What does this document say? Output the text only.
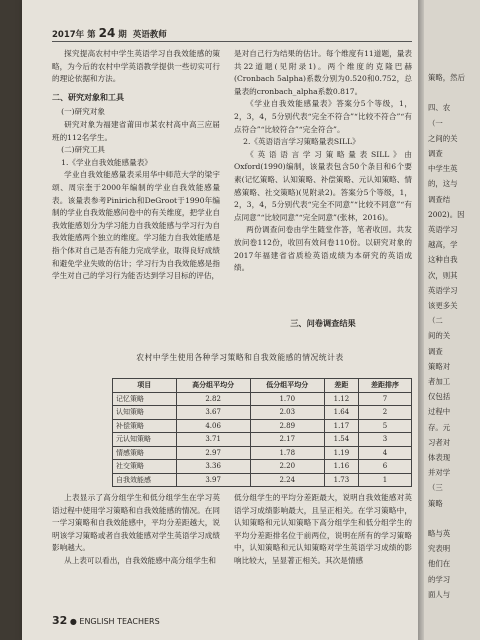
2017年 第 24 期 英语教师

探究提高农村中学生英语学习自我效能感的策略，为今后的农村中学英语教学提供一些切实可行的理论依据和方法。

二、研究对象和工具

(一)研究对象

研究对象为福建省莆田市某农村高中高三应届班的112名学生。

(二)研究工具

1.《学业自我效能感量表》

学业自我效能感量表采用华中师范大学的梁宇颂、周宗奎于2000年编制的学业自我效能感量表。该量表参考Pinirich和DeGroot于1990年编制的学业自我效能感问卷中的有关维度，把学业自我效能感划分为学习能力自我效能感与学习行为自我效能感两个独立的维度。学习能力自我效能感是指个体对自己是否有能力完成学业，取得良好成绩和避免学业失败的估计；学习行为自我效能感是指学生对自己的学习行为能否达到学习目标的评估，

是对自己行为结果的估计。每个维度有11道题，量表共22道题(见附录1)。两个维度的克隆巴赫(Cronbach 5alpha)系数分别为0.520和0.752，总量表的cronbach_alpha系数0.817。

《学业自我效能感量表》答案分5个等级，1，2，3，4，5分别代表“完全不符合”“比较不符合”“有点符合”“比较符合”“完全符合”。

2.《英语语言学习策略量表SILL》

《英语语言学习策略量表SILL》由Oxford(1990)编制，该量表包含50个条目和6个要素(记忆策略、认知策略、补偿策略、元认知策略、情感策略、社交策略)(见附录2)。答案分5个等级，1，2，3，4，5分别代表“完全不同意”“比较不同意”“有点同意”“比较同意”“完全同意”(张林，2016)。

两份调查问卷由学生随堂作答，笔者收回。共发放问卷112份，收回有效问卷110份。以研究对象的2017年福建省省质检英语成绩为本研究的英语成绩。

三、问卷调查结果
农村中学生使用各种学习策略和自我效能感的情况统计表
项目	高分组平均分	低分组平均分	差距	差距排序
记忆策略	2.82	1.70	1.12	7
认知策略	3.67	2.03	1.64	2
补偿策略	4.06	2.89	1.17	5
元认知策略	3.71	2.17	1.54	3
情感策略	2.97	1.78	1.19	4
社交策略	3.36	2.20	1.16	6
自我效能感	3.97	2.24	1.73	1

上表显示了高分组学生和低分组学生在学习英语过程中使用学习策略和自我效能感的情况。在同一学习策略和自我效能感中，平均分差距越大，说明该学习策略或者自我效能感对学生英语学习成绩影响越大。

从上表可以看出，自我效能感中高分组学生和

低分组学生的平均分差距最大，说明自我效能感对英语学习成绩影响最大，且呈正相关。在学习策略中，认知策略和元认知策略下高分组学生和低分组学生的平均分差距排名位于前两位，说明在所有的学习策略中，认知策略和元认知策略对学生英语学习成绩的影响比较大，呈显著正相关。其次是情感

32 ● ENGLISH TEACHERS
策略，然后
四、农
（一
之间的关
调查
中学生英
的，这与
调查结
2002)。因
英语学习
越高，学
这种自我
次，则其
英语学习
该更多关
（二
间的关
调查
策略对
者加工
仅包括
过程中
存。元
习者对
体表现
并对学
（三
策略
略与英
究表明
他们在
的学习
面人与
